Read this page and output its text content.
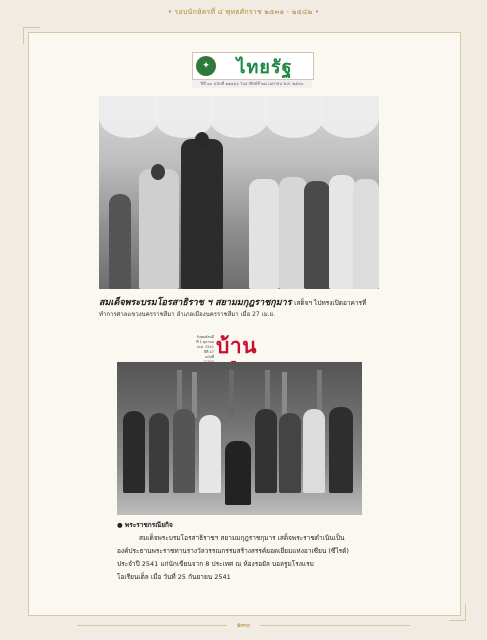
• รอบนักษัตรที่ ๔ พุทธศักราช ๒๕๓๑ - ๒๕๔๒ •
✦	ไทยรัฐ
ปีที่ ๔๐ ฉบับที่ ๑๒๔๖๖ วันอาทิตย์ที่ ๒๘ เมษายน พ.ศ. ๒๕๔๐
สมเด็จพระบรมโอรสาธิราช ฯ สยามมกุฎราชกุมาร เสด็จฯ ไปทรงเปิดอาคารที่
ทำการศาลแขวงนครราชสีมา อำเภอเมืองนครราชสีมา เมื่อ 27 เม.ย.
วันพฤหัสบดี ที่ 1 ตุลาคม พ.ศ. 2541 ปีที่ 47 ฉบับที่ บ้าน
● พระราชกรณียกิจ
สมเด็จพระบรมโอรสาธิราชฯ สยามมกุฎราชกุมาร เสด็จพระราชดำเนินเป็น
องค์ประธานพระราชทานรางวัลวรรณกรรมสร้างสรรค์ยอดเยี่ยมแห่งอาเซียน (ซีไรต์)
ประจำปี 2541 แก่นักเขียนจาก 8 ประเทศ ณ ห้องรอยัล บอลรูมโรงแรม
โอเรียนเต็ล เมื่อ วันที่ 25 กันยายน 2541
๑๓๐
